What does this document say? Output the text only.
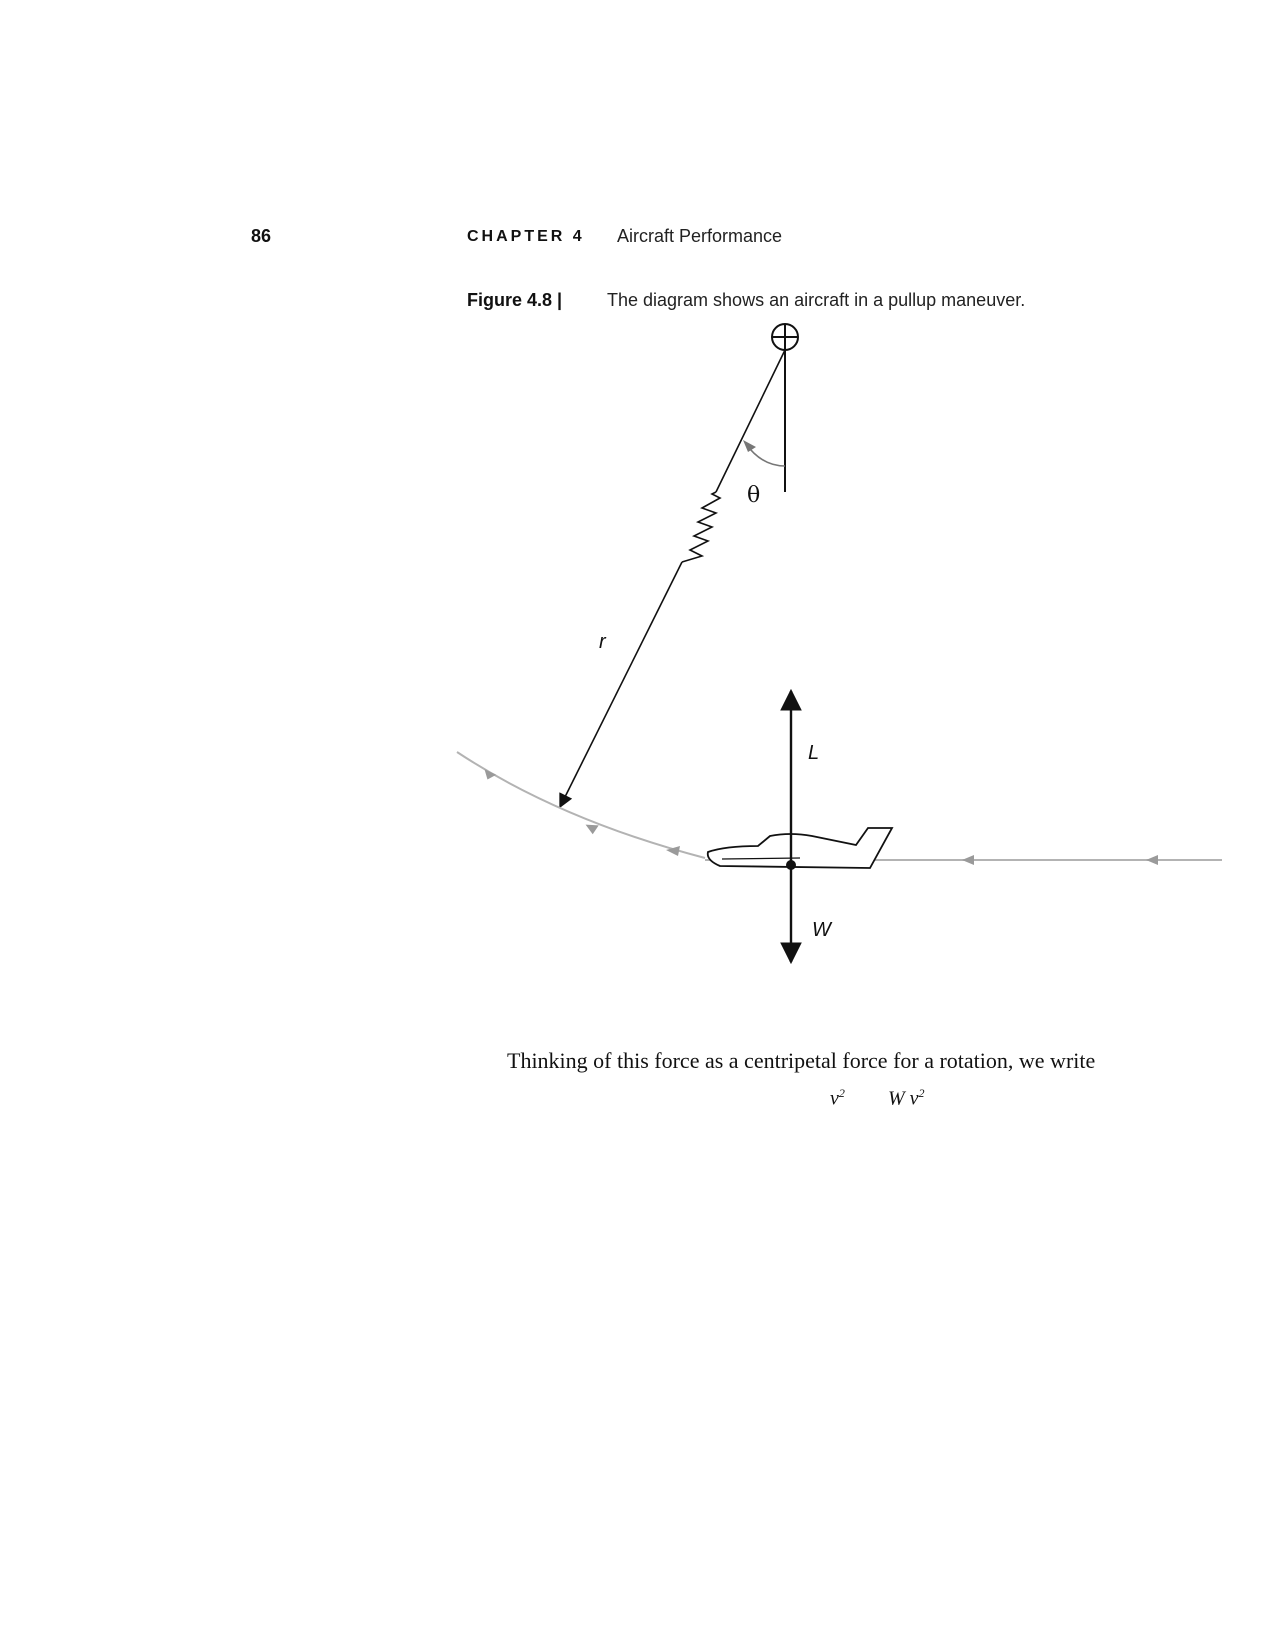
86	CHAPTER 4 Aircraft Performance
Figure 4.8 | The diagram shows an aircraft in a pullup maneuver.
θ
r
L
W
Thinking of this force as a centripetal force for a rotation, we write
$v^2$ W $v^2$
